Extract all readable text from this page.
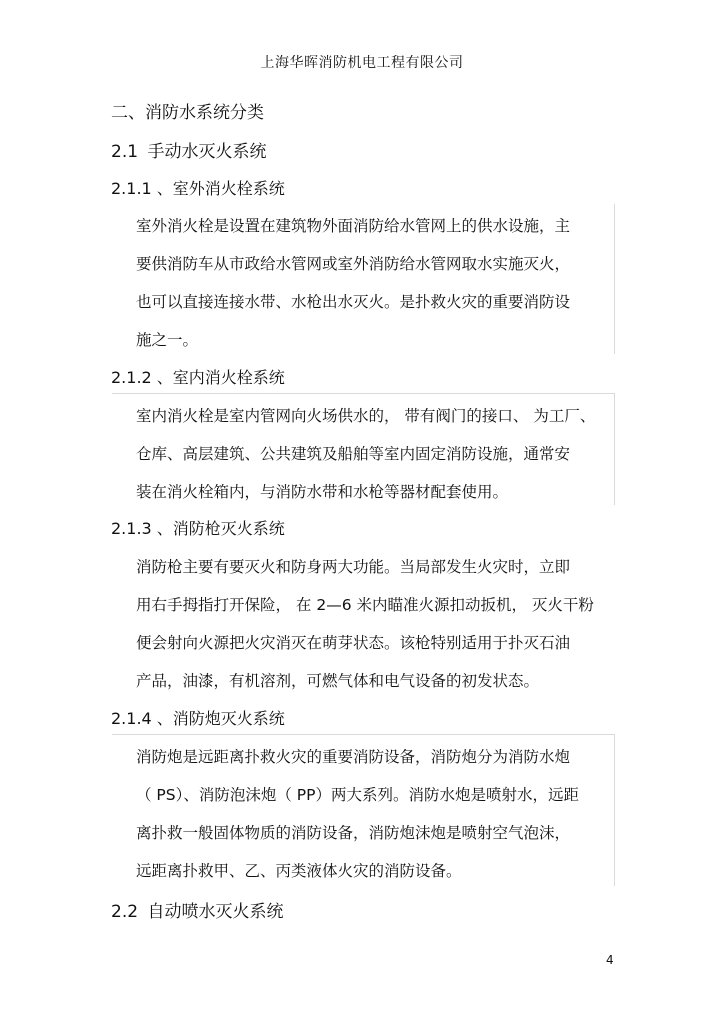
上海华晖消防机电工程有限公司
二、消防水系统分类
2.1 手动水灭火系统
2.1.1 、室外消火栓系统
室外消火栓是设置在建筑物外面消防给水管网上的供水设施，主
要供消防车从市政给水管网或室外消防给水管网取水实施灭火，
也可以直接连接水带、水枪出水灭火。是扑救火灾的重要消防设
施之一。
2.1.2 、室内消火栓系统
室内消火栓是室内管网向火场供水的， 带有阀门的接口、 为工厂、
仓库、高层建筑、公共建筑及船舶等室内固定消防设施，通常安
装在消火栓箱内，与消防水带和水枪等器材配套使用。
2.1.3 、消防枪灭火系统
消防枪主要有要灭火和防身两大功能。当局部发生火灾时，立即
用右手拇指打开保险， 在 2—6 米内瞄准火源扣动扳机， 灭火干粉
便会射向火源把火灾消灭在萌芽状态。该枪特别适用于扑灭石油
产品，油漆，有机溶剂，可燃气体和电气设备的初发状态。
2.1.4 、消防炮灭火系统
消防炮是远距离扑救火灾的重要消防设备，消防炮分为消防水炮
（ PS）、消防泡沫炮（ PP）两大系列。消防水炮是喷射水，远距
离扑救一般固体物质的消防设备，消防炮沫炮是喷射空气泡沫，
远距离扑救甲、乙、丙类液体火灾的消防设备。
2.2 自动喷水灭火系统
4
